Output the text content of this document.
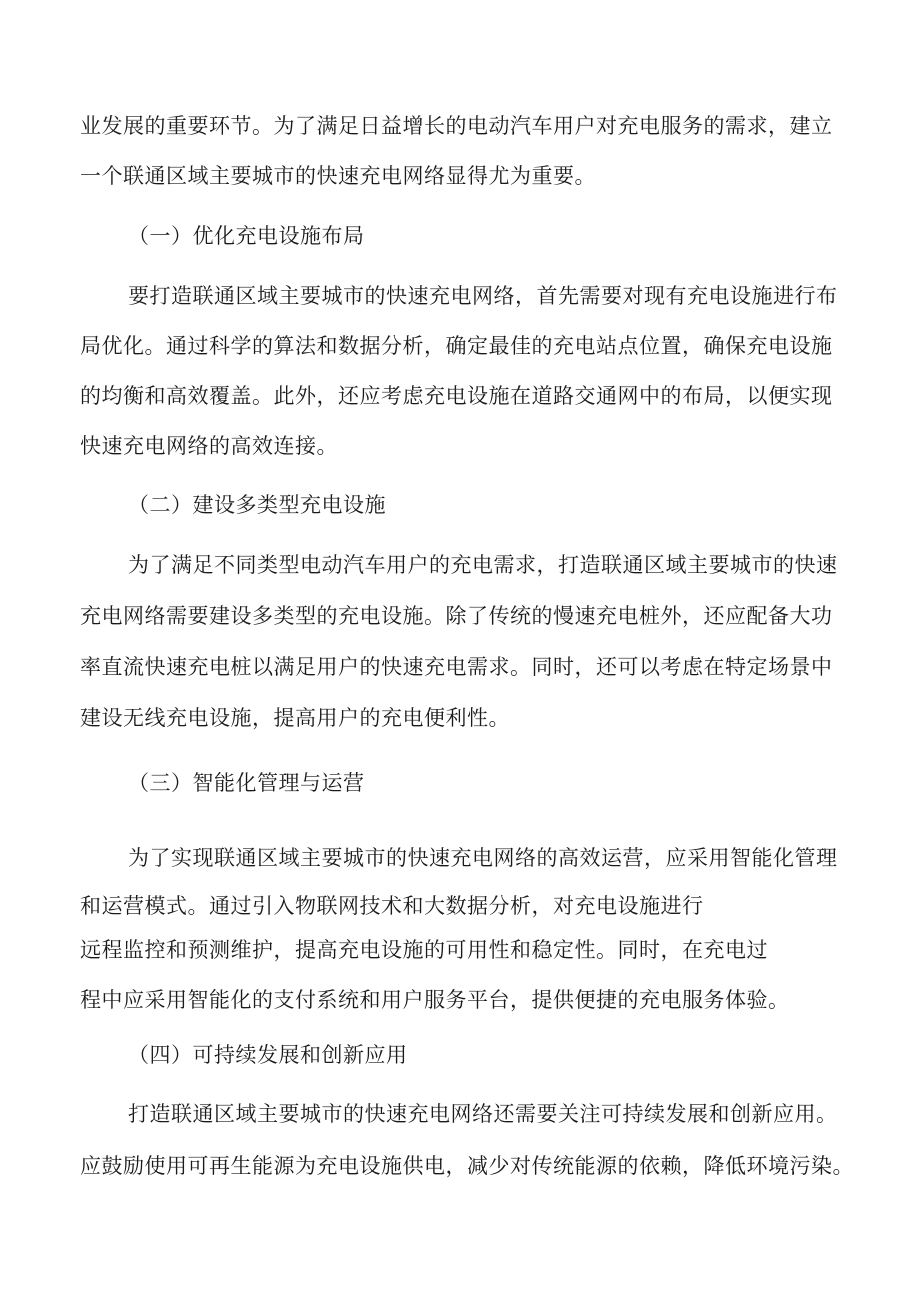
业发展的重要环节。为了满足日益增长的电动汽车用户对充电服务的需求，建立
一个联通区域主要城市的快速充电网络显得尤为重要。
（一）优化充电设施布局
要打造联通区域主要城市的快速充电网络，首先需要对现有充电设施进行布
局优化。通过科学的算法和数据分析，确定最佳的充电站点位置，确保充电设施
的均衡和高效覆盖。此外，还应考虑充电设施在道路交通网中的布局，以便实现
快速充电网络的高效连接。
（二）建设多类型充电设施
为了满足不同类型电动汽车用户的充电需求，打造联通区域主要城市的快速
充电网络需要建设多类型的充电设施。除了传统的慢速充电桩外，还应配备大功
率直流快速充电桩以满足用户的快速充电需求。同时，还可以考虑在特定场景中
建设无线充电设施，提高用户的充电便利性。
（三）智能化管理与运营
为了实现联通区域主要城市的快速充电网络的高效运营，应采用智能化管理
和运营模式。通过引入物联网技术和大数据分析，对充电设施进行
远程监控和预测维护，提高充电设施的可用性和稳定性。同时，在充电过
程中应采用智能化的支付系统和用户服务平台，提供便捷的充电服务体验。
（四）可持续发展和创新应用
打造联通区域主要城市的快速充电网络还需要关注可持续发展和创新应用。
应鼓励使用可再生能源为充电设施供电，减少对传统能源的依赖，降低环境污染。
